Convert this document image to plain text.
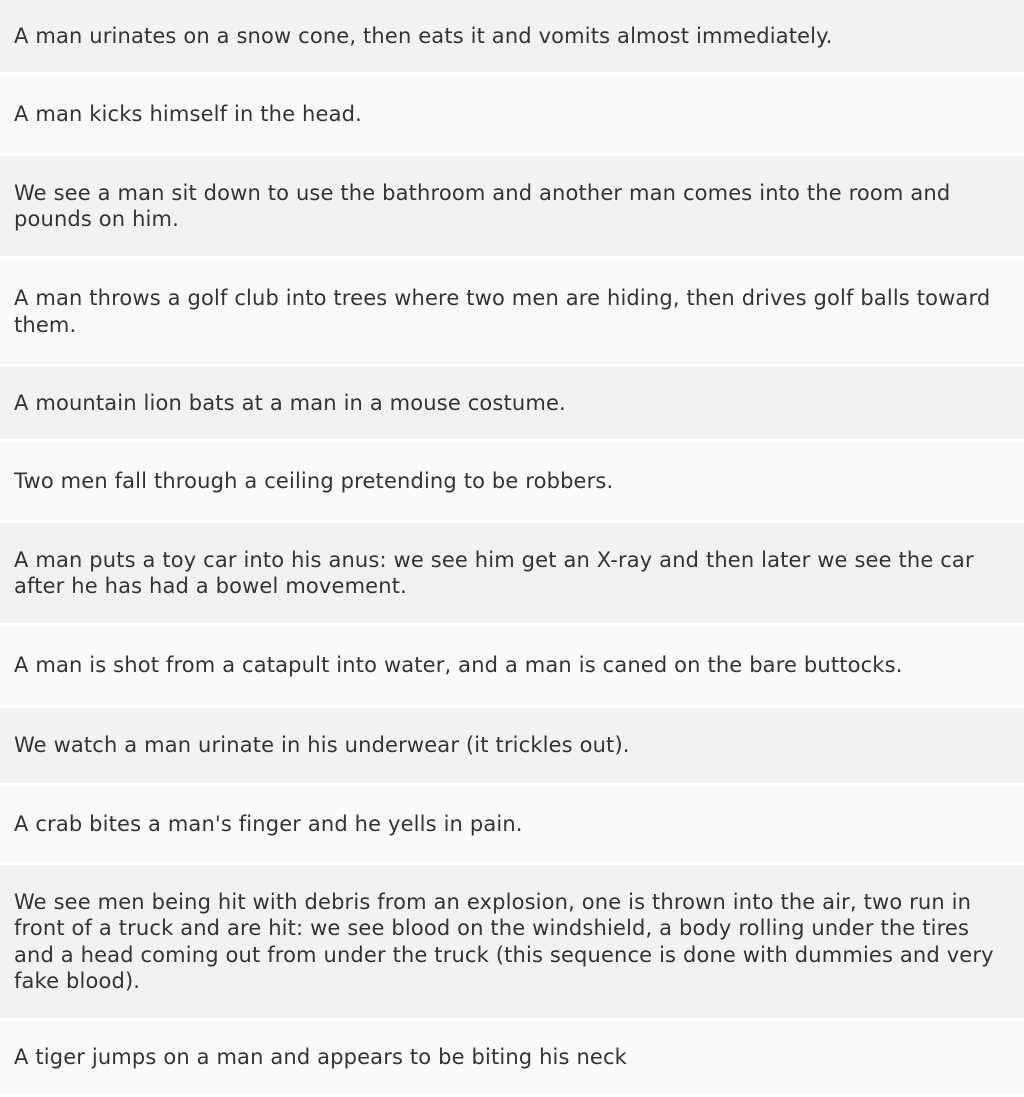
A man urinates on a snow cone, then eats it and vomits almost immediately.
A man kicks himself in the head.
We see a man sit down to use the bathroom and another man comes into the room and pounds on him.
A man throws a golf club into trees where two men are hiding, then drives golf balls toward them.
A mountain lion bats at a man in a mouse costume.
Two men fall through a ceiling pretending to be robbers.
A man puts a toy car into his anus: we see him get an X-ray and then later we see the car after he has had a bowel movement.
A man is shot from a catapult into water, and a man is caned on the bare buttocks.
We watch a man urinate in his underwear (it trickles out).
A crab bites a man's finger and he yells in pain.
We see men being hit with debris from an explosion, one is thrown into the air, two run in front of a truck and are hit: we see blood on the windshield, a body rolling under the tires and a head coming out from under the truck (this sequence is done with dummies and very fake blood).
A tiger jumps on a man and appears to be biting his neck
